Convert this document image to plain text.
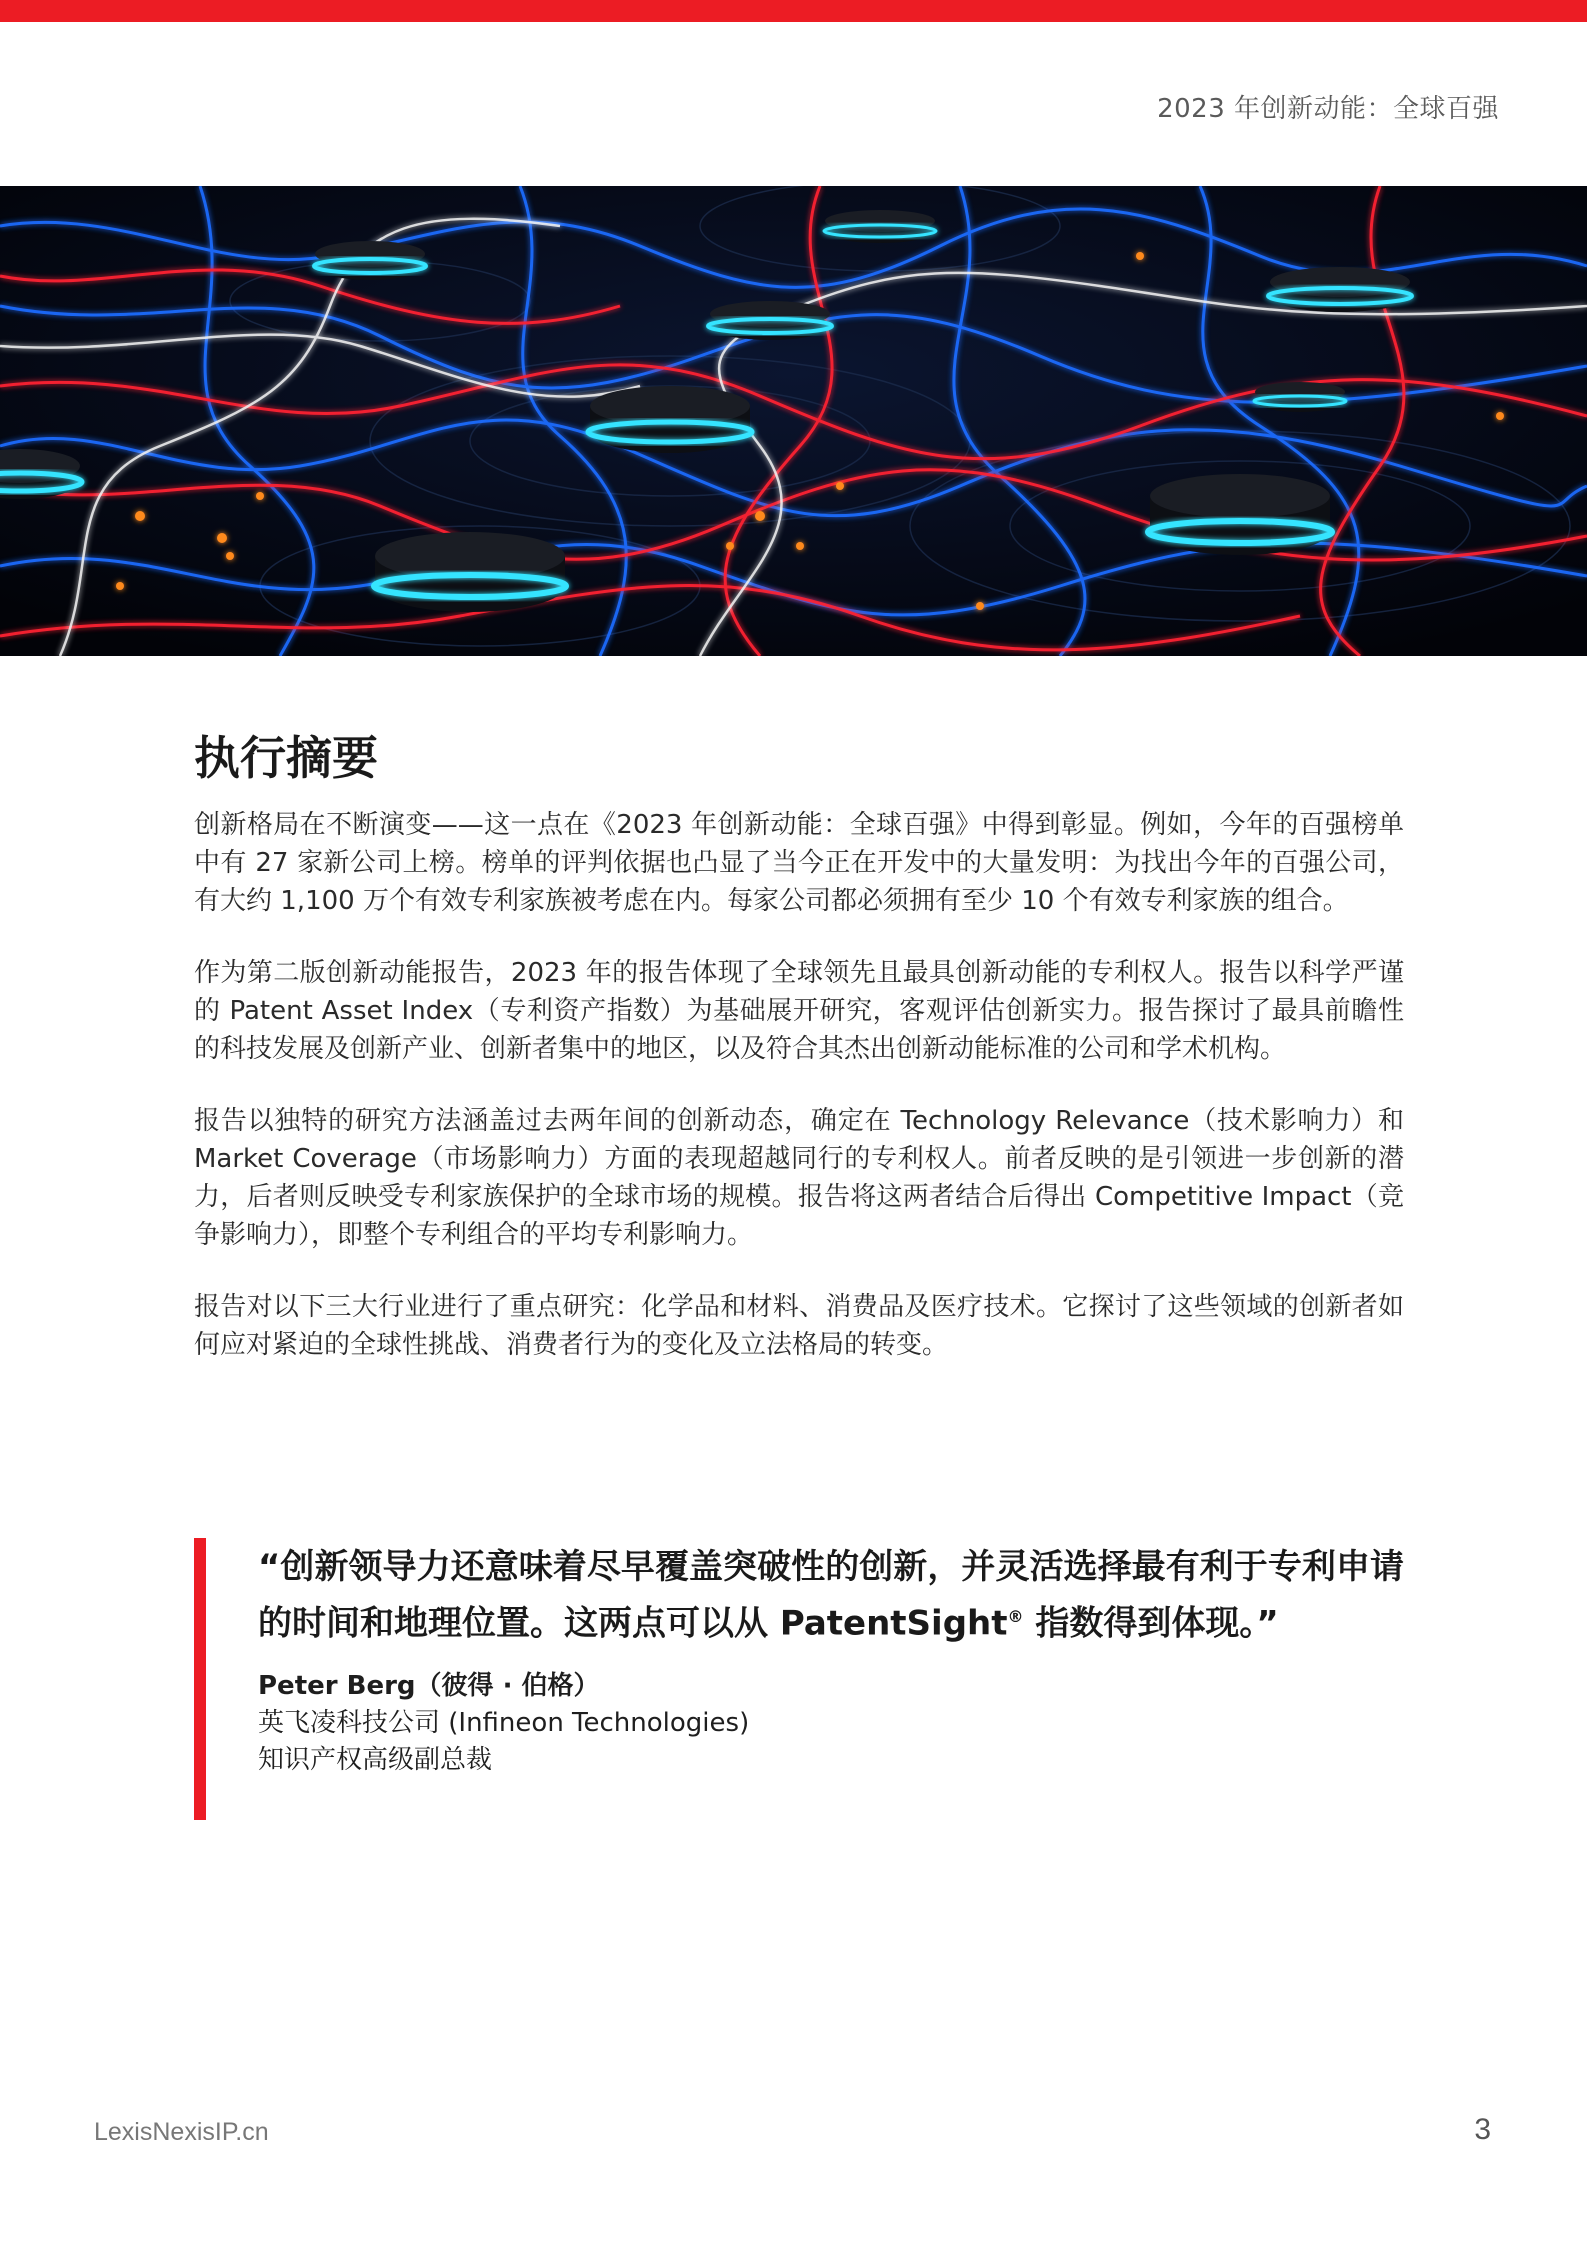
2023 年创新动能：全球百强
执行摘要

创新格局在不断演变——这一点在《2023 年创新动能：全球百强》中得到彰显。例如，今年的百强榜单中有 27 家新公司上榜。榜单的评判依据也凸显了当今正在开发中的大量发明：为找出今年的百强公司，有大约 1,100 万个有效专利家族被考虑在内。每家公司都必须拥有至少 10 个有效专利家族的组合。

作为第二版创新动能报告，2023 年的报告体现了全球领先且最具创新动能的专利权人。报告以科学严谨的 Patent Asset Index（专利资产指数）为基础展开研究，客观评估创新实力。报告探讨了最具前瞻性的科技发展及创新产业、创新者集中的地区，以及符合其杰出创新动能标准的公司和学术机构。

报告以独特的研究方法涵盖过去两年间的创新动态，确定在 Technology Relevance（技术影响力）和 Market Coverage（市场影响力）方面的表现超越同行的专利权人。前者反映的是引领进一步创新的潜力，后者则反映受专利家族保护的全球市场的规模。报告将这两者结合后得出 Competitive Impact（竞争影响力），即整个专利组合的平均专利影响力。

报告对以下三大行业进行了重点研究：化学品和材料、消费品及医疗技术。它探讨了这些领域的创新者如何应对紧迫的全球性挑战、消费者行为的变化及立法格局的转变。

“创新领导力还意味着尽早覆盖突破性的创新，并灵活选择最有利于专利申请的时间和地理位置。这两点可以从 PatentSight® 指数得到体现。”

Peter Berg（彼得 · 伯格）
英飞凌科技公司 (Infineon Technologies)
知识产权高级副总裁
LexisNexisIP.cn	3
